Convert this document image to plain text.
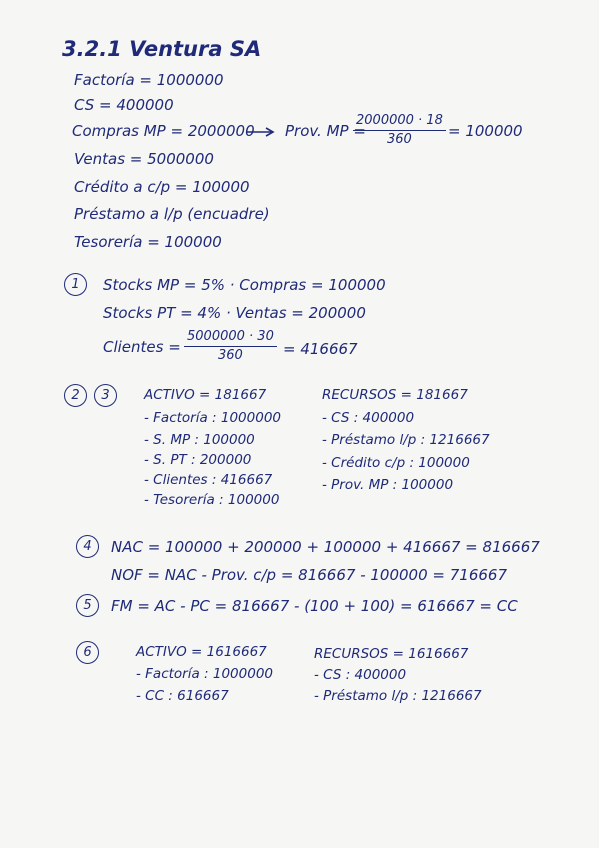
3.2.1 Ventura SA
Factoría = 1000000
CS = 400000
Compras MP = 2000000 Prov. MP =
$\frac{2000000 \cdot 18}{360} = 100000$
Ventas = 5000000
Crédito a c/p = 100000
Préstamo a l/p (encuadre)
Tesorería = 100000
1	Stocks MP = 5% · Compras = 100000
Stocks PT = 4% · Ventas = 200000
Clientes = $\frac{5000000 \cdot 30}{360} = 416667$
2	3	ACTIVO = 181667
- Factoría : 1000000
- S. MP : 100000
- S. PT : 200000
- Clientes : 416667
- Tesorería : 100000
RECURSOS = 181667
- CS : 400000
- Préstamo l/p : 1216667
- Crédito c/p : 100000
- Prov. MP : 100000
4	NAC = 100000 + 200000 + 100000 + 416667 = 816667
NOF = NAC - Prov. c/p = 816667 - 100000 = 716667
5	FM = AC - PC = 816667 - (100 + 100) = 616667 = CC
6	ACTIVO = 1616667
- Factoría : 1000000
- CC : 616667
RECURSOS = 1616667
- CS : 400000
- Préstamo l/p : 1216667
